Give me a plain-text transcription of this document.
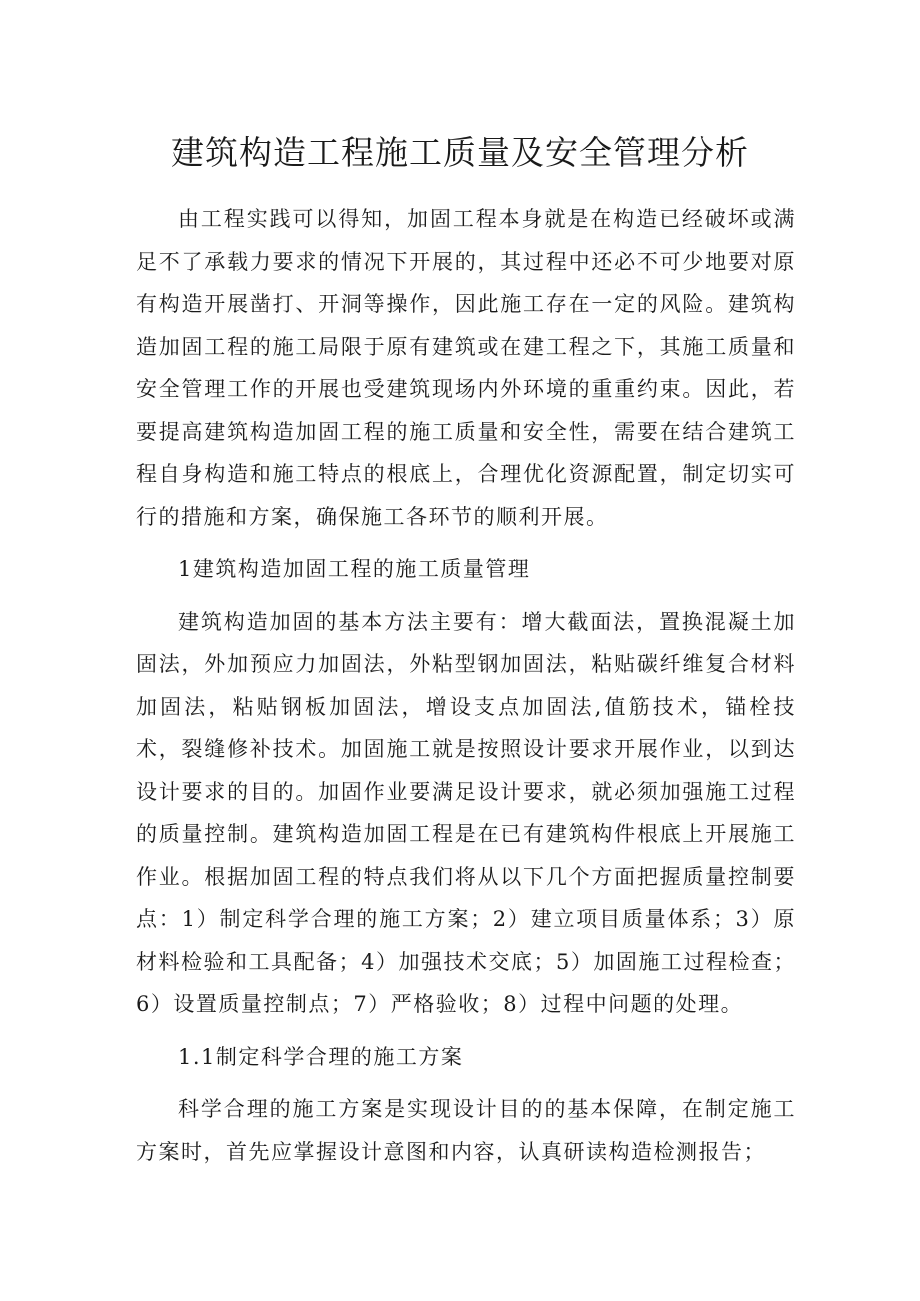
建筑构造工程施工质量及安全管理分析

由工程实践可以得知，加固工程本身就是在构造已经破坏或满足不了承载力要求的情况下开展的，其过程中还必不可少地要对原有构造开展凿打、开洞等操作，因此施工存在一定的风险。建筑构造加固工程的施工局限于原有建筑或在建工程之下，其施工质量和安全管理工作的开展也受建筑现场内外环境的重重约束。因此，若要提高建筑构造加固工程的施工质量和安全性，需要在结合建筑工程自身构造和施工特点的根底上，合理优化资源配置，制定切实可行的措施和方案，确保施工各环节的顺利开展。

1建筑构造加固工程的施工质量管理

建筑构造加固的基本方法主要有：增大截面法，置换混凝土加固法，外加预应力加固法，外粘型钢加固法，粘贴碳纤维复合材料加固法，粘贴钢板加固法，增设支点加固法,值筋技术，锚栓技术，裂缝修补技术。加固施工就是按照设计要求开展作业，以到达设计要求的目的。加固作业要满足设计要求，就必须加强施工过程的质量控制。建筑构造加固工程是在已有建筑构件根底上开展施工作业。根据加固工程的特点我们将从以下几个方面把握质量控制要点：1）制定科学合理的施工方案；2）建立项目质量体系；3）原材料检验和工具配备；4）加强技术交底；5）加固施工过程检查；6）设置质量控制点；7）严格验收；8）过程中问题的处理。

1.1制定科学合理的施工方案

科学合理的施工方案是实现设计目的的基本保障，在制定施工方案时，首先应掌握设计意图和内容，认真研读构造检测报告；
